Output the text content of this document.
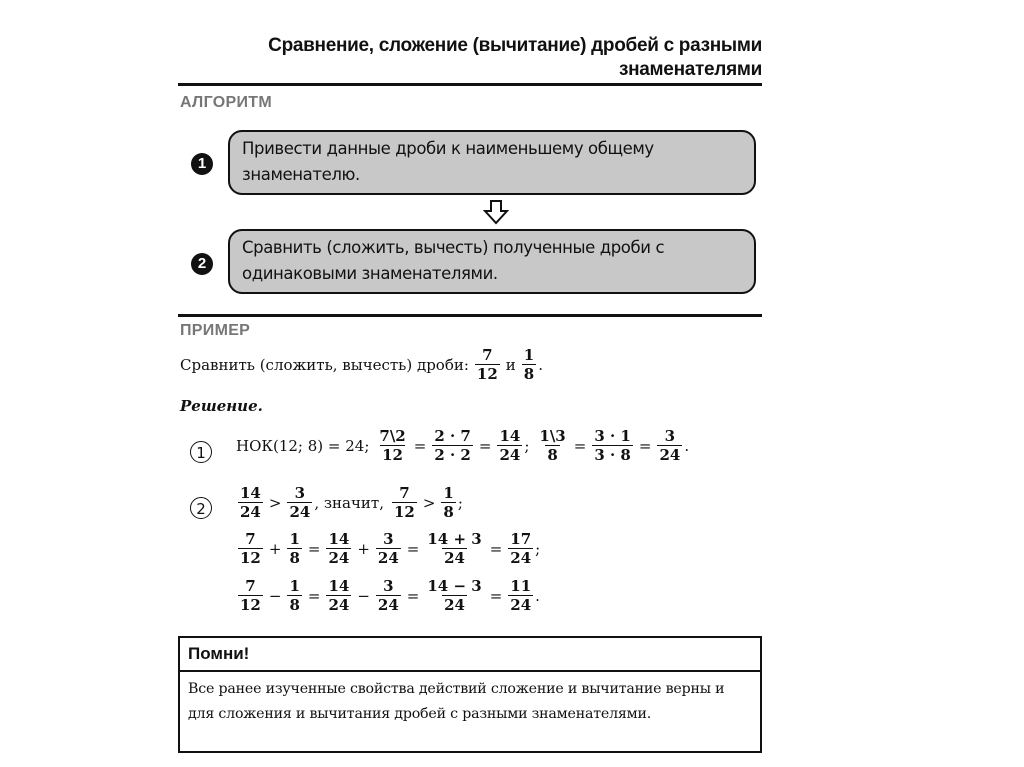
Сравнение, сложение (вычитание) дробей с разными
знаменателями
АЛГОРИТМ
1
Привести данные дроби к наименьшему общему знаменателю.
2
Сравнить (сложить, вычесть) полученные дроби с одинаковыми знаменателями.
ПРИМЕР
Сравнить (сложить, вычесть) дроби: $\frac{7}{12}$ и $\frac{1}{8}$ .
Решение.
1	НОК(12; 8) = 24; $\frac{7\backslash 2}{12} = \frac{2 \cdot 7}{2 \cdot 2} = \frac{14}{24}$ ; $\frac{1\backslash 3}{8} = \frac{3 \cdot 1}{3 \cdot 8} = \frac{3}{24}$ .
2	$\frac{14}{24} > \frac{3}{24}$ , значит, $\frac{7}{12} > \frac{1}{8}$ ;
$\frac{7}{12} + \frac{1}{8} = \frac{14}{24} + \frac{3}{24} = \frac{14 + 3}{24} = \frac{17}{24}$ ;
$\frac{7}{12} - \frac{1}{8} = \frac{14}{24} - \frac{3}{24} = \frac{14 - 3}{24} = \frac{11}{24}$ .
Помни!
Все ранее изученные свойства действий сложение и вычитание верны и для сложения и вычитания дробей с разными знаменателями.
